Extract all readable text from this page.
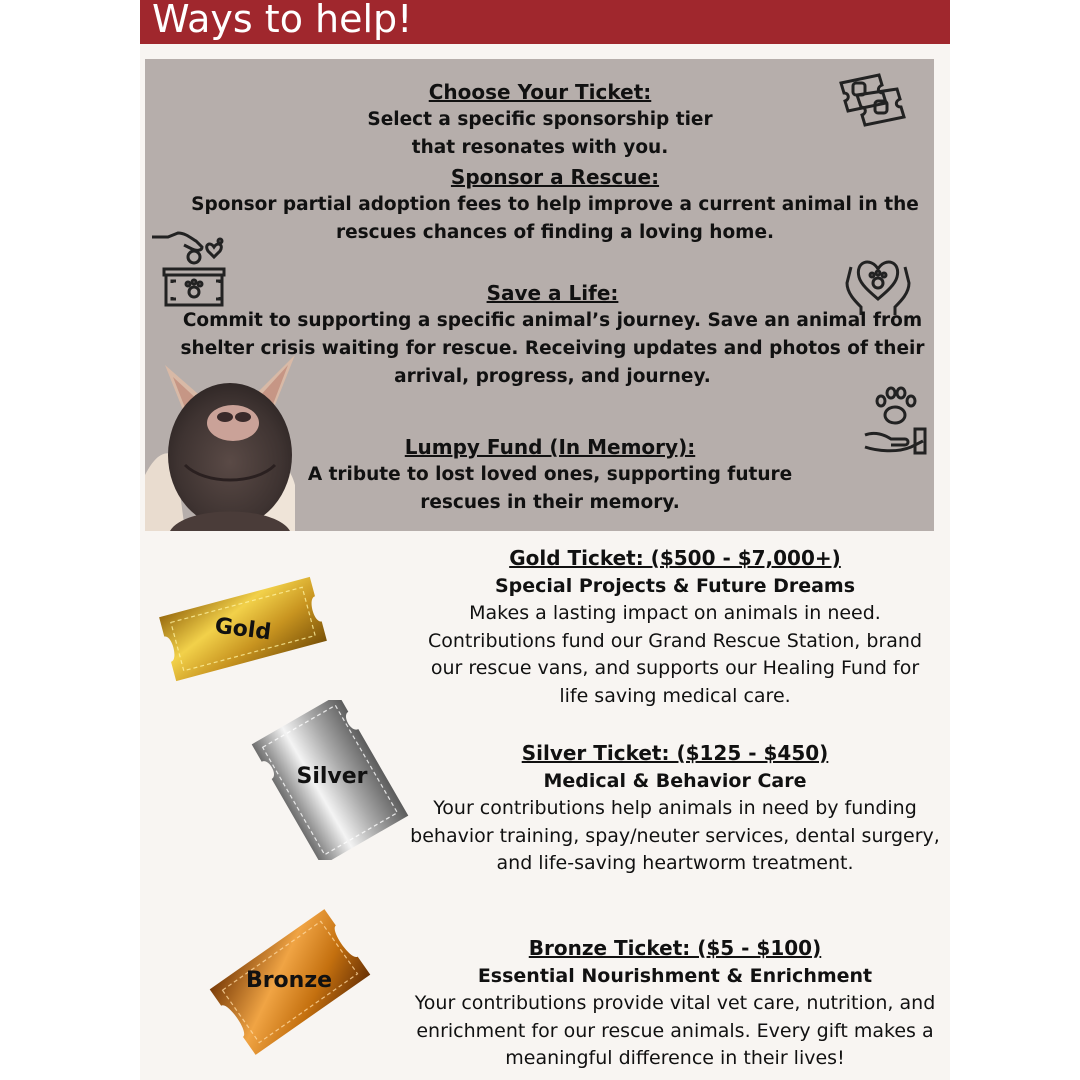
Ways to help!
Choose Your Ticket:
Select a specific sponsorship tier that resonates with you.
Sponsor a Rescue:
Sponsor partial adoption fees to help improve a current animal in the rescues chances of finding a loving home.
Save a Life:
Commit to supporting a specific animal’s journey. Save an animal from shelter crisis waiting for rescue. Receiving updates and photos of their arrival, progress, and journey.
Lumpy Fund (In Memory):
A tribute to lost loved ones, supporting future rescues in their memory.
Gold
Silver
Bronze
Gold Ticket: ($500 - $7,000+)
Special Projects & Future Dreams
Makes a lasting impact on animals in need. Contributions fund our Grand Rescue Station, brand our rescue vans, and supports our Healing Fund for life saving medical care.
Silver Ticket: ($125 - $450)
Medical & Behavior Care
Your contributions help animals in need by funding behavior training, spay/neuter services, dental surgery, and life-saving heartworm treatment.
Bronze Ticket: ($5 - $100)
Essential Nourishment & Enrichment
Your contributions provide vital vet care, nutrition, and enrichment for our rescue animals. Every gift makes a meaningful difference in their lives!
